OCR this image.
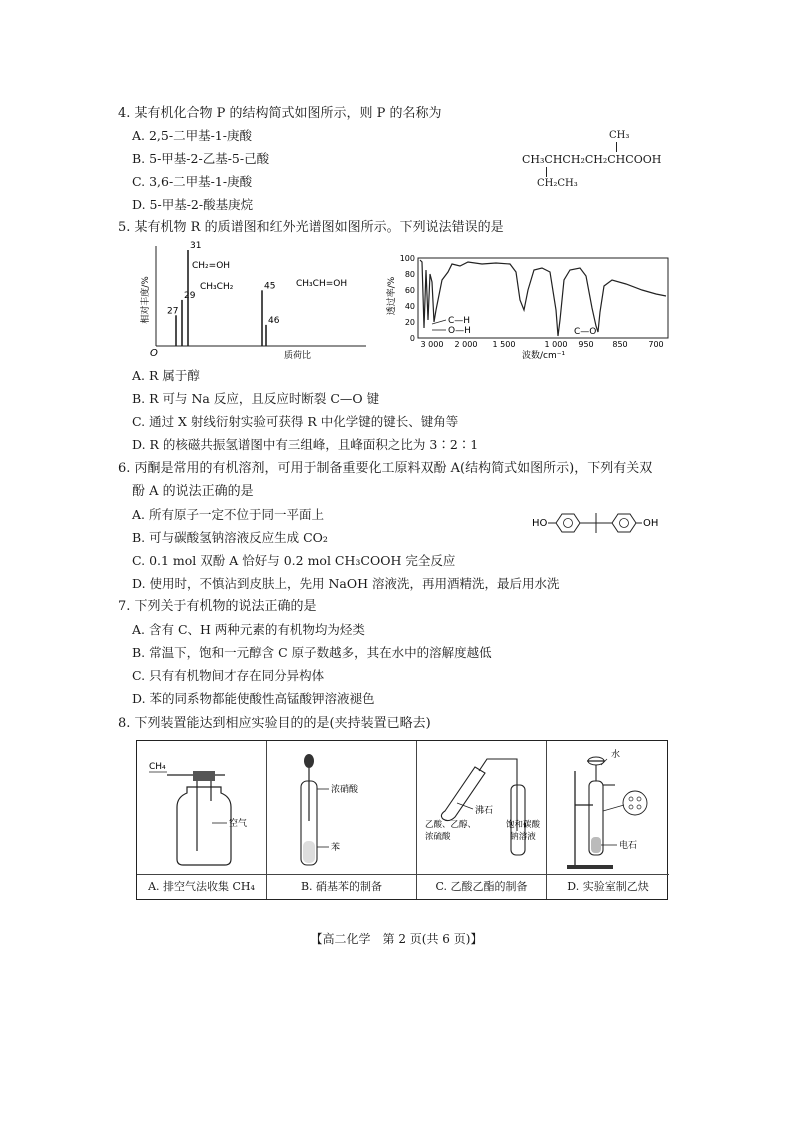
4. 某有机化合物 P 的结构简式如图所示，则 P 的名称为
A. 2,5-二甲基-1-庚酸
B. 5-甲基-2-乙基-5-己酸
C. 3,6-二甲基-1-庚酸
D. 5-甲基-2-酸基庚烷
CH₃
CH₃CHCH₂CH₂CHCOOH
CH₂CH₃
5. 某有机物 R 的质谱图和红外光谱图如图所示。下列说法错误的是
相对丰度/%
质荷比
O
27
29
31
45
46
CH₂=OH
CH₃CH₂	CH₃CH=OH	透过率/%
100
80
60
40
20
0
3 000 2 000 1 500	1 000 950 850	700
波数/cm⁻¹
C—H
O—H	C—O
A. R 属于醇
B. R 可与 Na 反应，且反应时断裂 C—O 键
C. 通过 X 射线衍射实验可获得 R 中化学键的键长、键角等
D. R 的核磁共振氢谱图中有三组峰，且峰面积之比为 3∶2∶1
6. 丙酮是常用的有机溶剂，可用于制备重要化工原料双酚 A(结构简式如图所示)，下列有关双
酚 A 的说法正确的是
A. 所有原子一定不位于同一平面上
B. 可与碳酸氢钠溶液反应生成 CO₂
C. 0.1 mol 双酚 A 恰好与 0.2 mol CH₃COOH 完全反应
D. 使用时，不慎沾到皮肤上，先用 NaOH 溶液洗，再用酒精洗，最后用水洗
HO	OH
7. 下列关于有机物的说法正确的是
A. 含有 C、H 两种元素的有机物均为烃类
B. 常温下，饱和一元醇含 C 原子数越多，其在水中的溶解度越低
C. 只有有机物间才存在同分异构体
D. 苯的同系物都能使酸性高锰酸钾溶液褪色
8. 下列装置能达到相应实验目的的是(夹持装置已略去)
CH₄
空气
A. 排空气法收集 CH₄
浓硝酸
苯
B. 硝基苯的制备
沸石
乙酸、乙醇、
浓硫酸
饱和碳酸
钠溶液
C. 乙酸乙酯的制备
水
电石
D. 实验室制乙炔
【高二化学　第 2 页(共 6 页)】
